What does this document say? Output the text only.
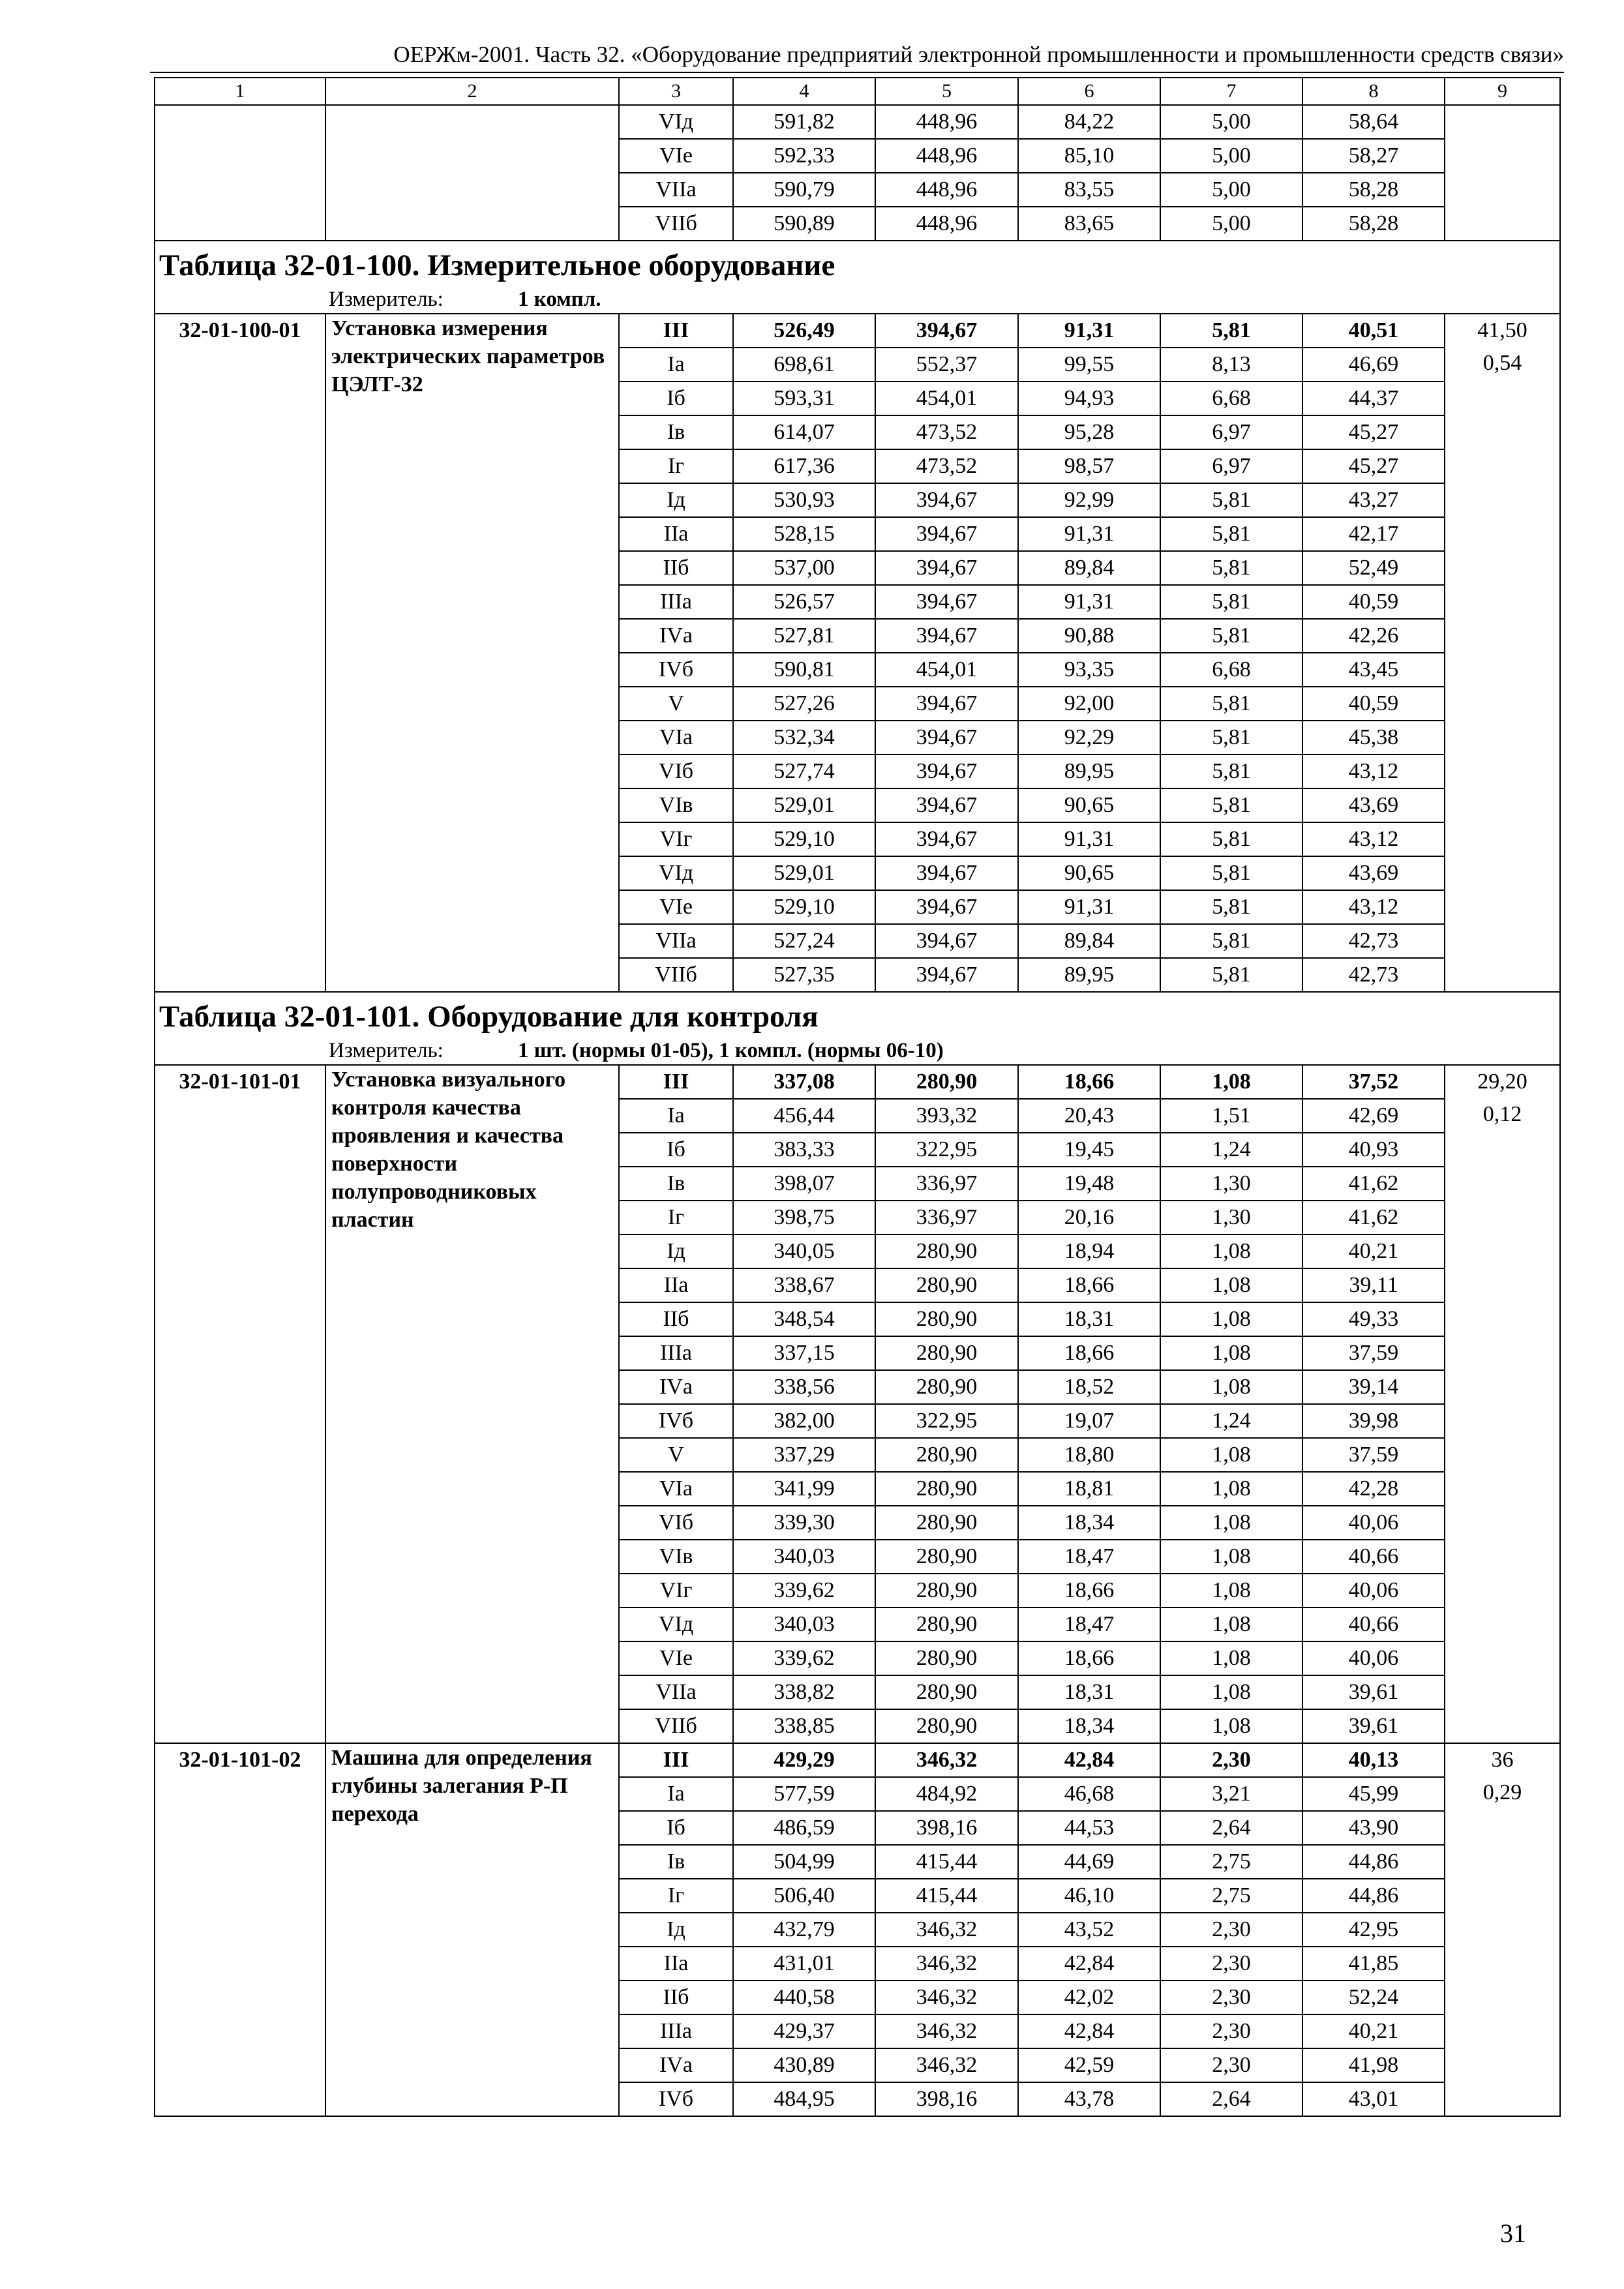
ОЕРЖм-2001. Часть 32. «Оборудование предприятий электронной промышленности и промышленности средств связи»
1	2	3	4	5	6	7	8	9
		VIд	591,82	448,96	84,22	5,00	58,64	
		VIе	592,33	448,96	85,10	5,00	58,27	
		VIIа	590,79	448,96	83,55	5,00	58,28	
		VIIб	590,89	448,96	83,65	5,00	58,28	

Таблица 32-01-100. Измерительное оборудование
Измеритель: 1 компл.								

32-01-100-01	Установка измерения электрических параметров ЦЭЛТ-32	III	526,49	394,67	91,31	5,81	40,51	41,50
0,54

		Iа	698,61	552,37	99,55	8,13	46,69	
		Iб	593,31	454,01	94,93	6,68	44,37	
		Iв	614,07	473,52	95,28	6,97	45,27	
		Iг	617,36	473,52	98,57	6,97	45,27	
		Iд	530,93	394,67	92,99	5,81	43,27	
		IIа	528,15	394,67	91,31	5,81	42,17	
		IIб	537,00	394,67	89,84	5,81	52,49	
		IIIа	526,57	394,67	91,31	5,81	40,59	
		IVа	527,81	394,67	90,88	5,81	42,26	
		IVб	590,81	454,01	93,35	6,68	43,45	
		V	527,26	394,67	92,00	5,81	40,59	
		VIа	532,34	394,67	92,29	5,81	45,38	
		VIб	527,74	394,67	89,95	5,81	43,12	
		VIв	529,01	394,67	90,65	5,81	43,69	
		VIг	529,10	394,67	91,31	5,81	43,12	
		VIд	529,01	394,67	90,65	5,81	43,69	
		VIе	529,10	394,67	91,31	5,81	43,12	
		VIIа	527,24	394,67	89,84	5,81	42,73	
		VIIб	527,35	394,67	89,95	5,81	42,73	

Таблица 32-01-101. Оборудование для контроля
Измеритель: 1 шт. (нормы 01-05), 1 компл. (нормы 06-10)								

32-01-101-01	Установка визуального контроля качества проявления и качества поверхности полупроводниковых пластин	III	337,08	280,90	18,66	1,08	37,52	29,20
0,12

		Iа	456,44	393,32	20,43	1,51	42,69	
		Iб	383,33	322,95	19,45	1,24	40,93	
		Iв	398,07	336,97	19,48	1,30	41,62	
		Iг	398,75	336,97	20,16	1,30	41,62	
		Iд	340,05	280,90	18,94	1,08	40,21	
		IIа	338,67	280,90	18,66	1,08	39,11	
		IIб	348,54	280,90	18,31	1,08	49,33	
		IIIа	337,15	280,90	18,66	1,08	37,59	
		IVа	338,56	280,90	18,52	1,08	39,14	
		IVб	382,00	322,95	19,07	1,24	39,98	
		V	337,29	280,90	18,80	1,08	37,59	
		VIа	341,99	280,90	18,81	1,08	42,28	
		VIб	339,30	280,90	18,34	1,08	40,06	
		VIв	340,03	280,90	18,47	1,08	40,66	
		VIг	339,62	280,90	18,66	1,08	40,06	
		VIд	340,03	280,90	18,47	1,08	40,66	
		VIе	339,62	280,90	18,66	1,08	40,06	
		VIIа	338,82	280,90	18,31	1,08	39,61	
		VIIб	338,85	280,90	18,34	1,08	39,61	
32-01-101-02	Машина для определения глубины залегания P-П перехода	III	429,29	346,32	42,84	2,30	40,13	36
0,29

		Iа	577,59	484,92	46,68	3,21	45,99	
		Iб	486,59	398,16	44,53	2,64	43,90	
		Iв	504,99	415,44	44,69	2,75	44,86	
		Iг	506,40	415,44	46,10	2,75	44,86	
		Iд	432,79	346,32	43,52	2,30	42,95	
		IIа	431,01	346,32	42,84	2,30	41,85	
		IIб	440,58	346,32	42,02	2,30	52,24	
		IIIа	429,37	346,32	42,84	2,30	40,21	
		IVа	430,89	346,32	42,59	2,30	41,98	
		IVб	484,95	398,16	43,78	2,64	43,01	
31
